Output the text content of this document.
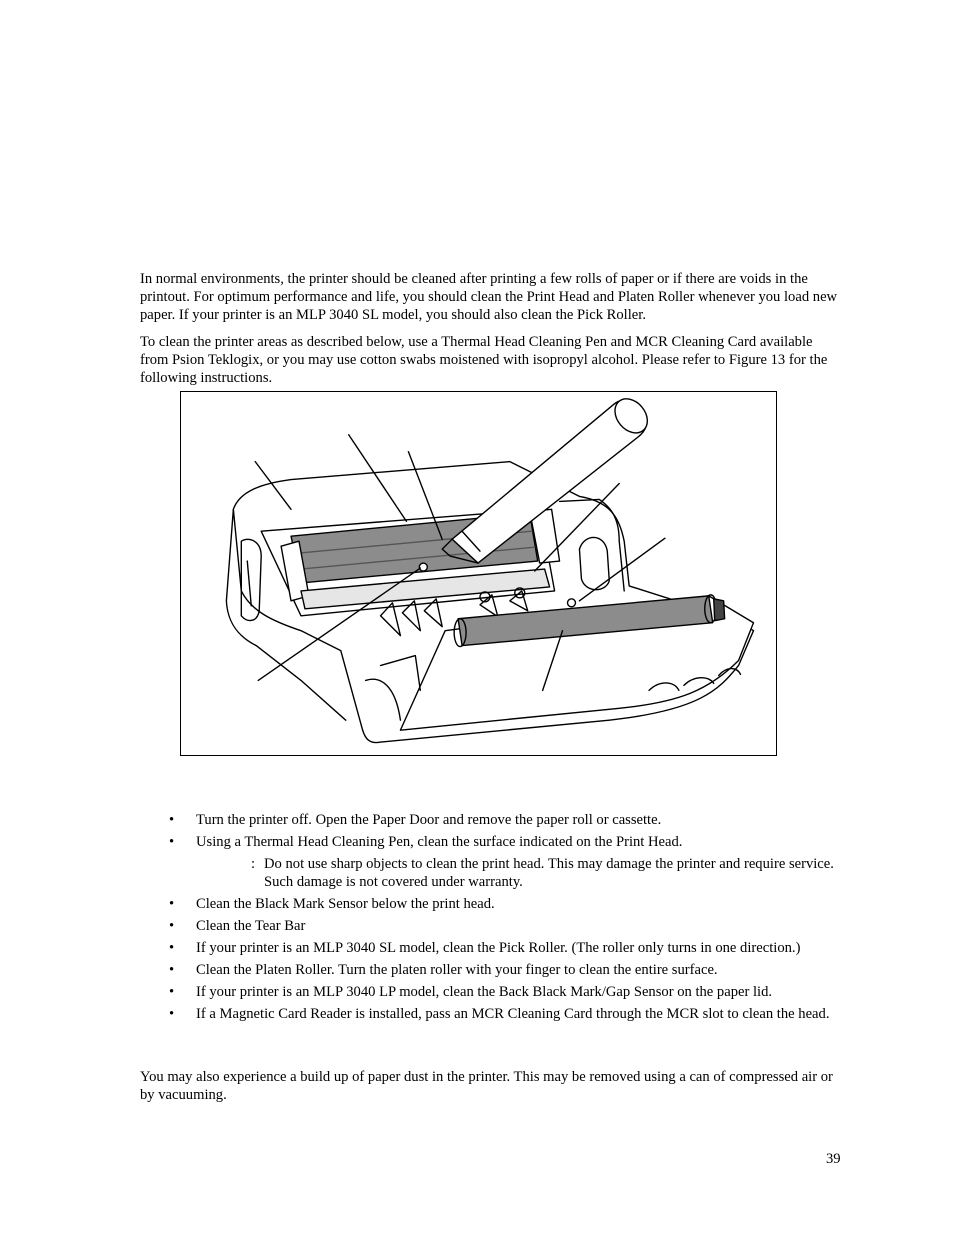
In normal environments, the printer should be cleaned after printing a few rolls of paper or if there are voids in the printout. For optimum performance and life, you should clean the Print Head and Platen Roller whenever you load new paper. If your printer is an MLP 3040 SL model, you should also clean the Pick Roller.

To clean the printer areas as described below, use a Thermal Head Cleaning Pen and MCR Cleaning Card available from Psion Teklogix, or you may use cotton swabs moistened with isopropyl alcohol. Please refer to Figure 13 for the following instructions.

• Turn the printer off. Open the Paper Door and remove the paper roll or cassette.
• Using a Thermal Head Cleaning Pen, clean the surface indicated on the Print Head.
: Do not use sharp objects to clean the print head. This may damage the printer and require service. Such damage is not covered under warranty.
• Clean the Black Mark Sensor below the print head.
• Clean the Tear Bar
• If your printer is an MLP 3040 SL model, clean the Pick Roller. (The roller only turns in one direction.)
• Clean the Platen Roller. Turn the platen roller with your finger to clean the entire surface.
• If your printer is an MLP 3040 LP model, clean the Back Black Mark/Gap Sensor on the paper lid.
• If a Magnetic Card Reader is installed, pass an MCR Cleaning Card through the MCR slot to clean the head.

You may also experience a build up of paper dust in the printer. This may be removed using a can of compressed air or by vacuuming.

39
